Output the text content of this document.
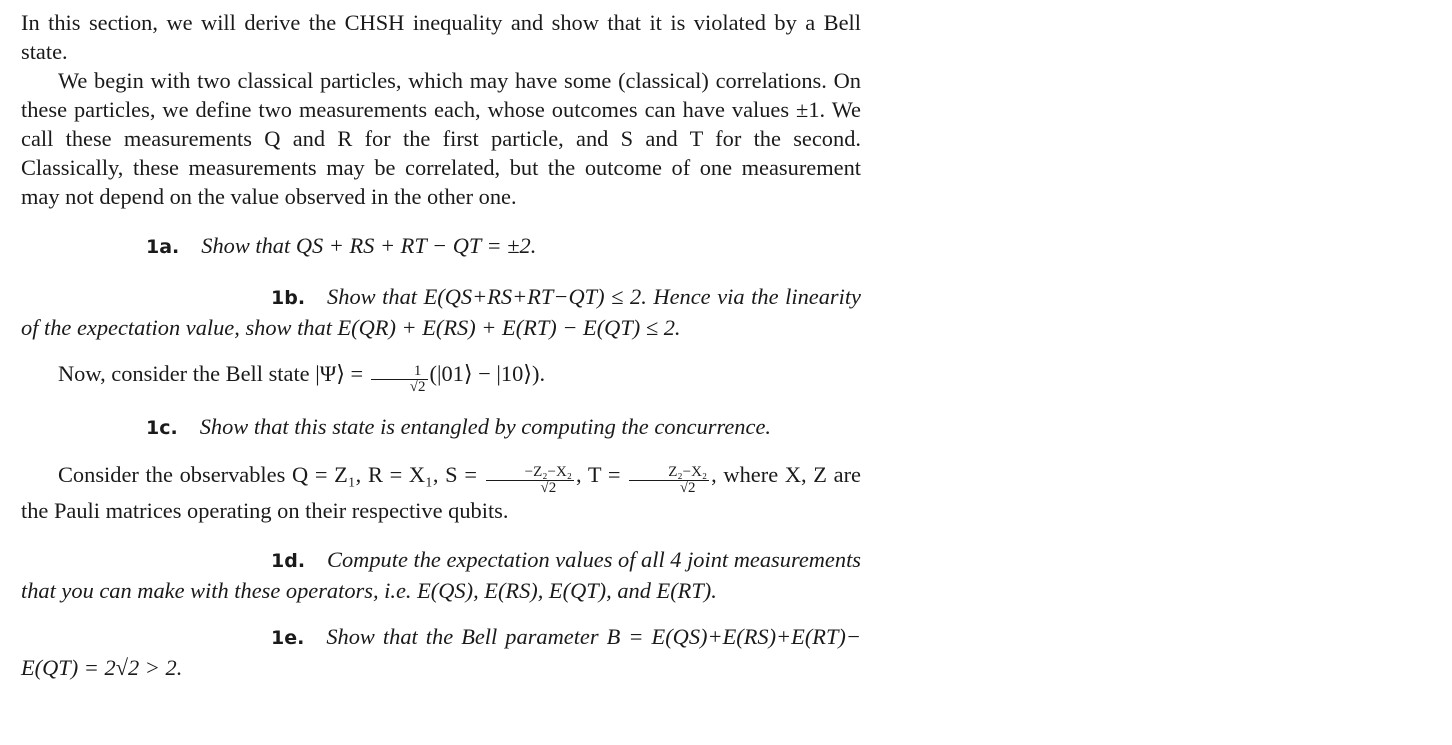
In this section, we will derive the CHSH inequality and show that it is violated by a Bell state.

We begin with two classical particles, which may have some (classical) correlations. On these particles, we define two measurements each, whose outcomes can have values ±1. We call these measurements Q and R for the first particle, and S and T for the second. Classically, these measurements may be correlated, but the outcome of one measurement may not depend on the value observed in the other one.

1a. Show that QS + RS + RT − QT = ±2.

1b. Show that E(QS+RS+RT−QT) ≤ 2. Hence via the linearity of the expectation value, show that E(QR) + E(RS) + E(RT) − E(QT) ≤ 2.

Now, consider the Bell state |Ψ⟩ = $\frac{1}{√2}$ (|01⟩ − |10⟩).

1c. Show that this state is entangled by computing the concurrence.

Consider the observables Q = Z₁, R = X₁, $S = \frac{\text{−Z₂−X₂}}{√2}$ , $T = \frac{\text{Z₂−X₂}}{√2}$ , where X, Z are the Pauli matrices operating on their respective qubits.

1d. Compute the expectation values of all 4 joint measurements that you can make with these operators, i.e. E(QS), E(RS), E(QT), and E(RT).

1e. Show that the Bell parameter B = E(QS)+E(RS)+E(RT)− E(QT) = 2√2 > 2.
